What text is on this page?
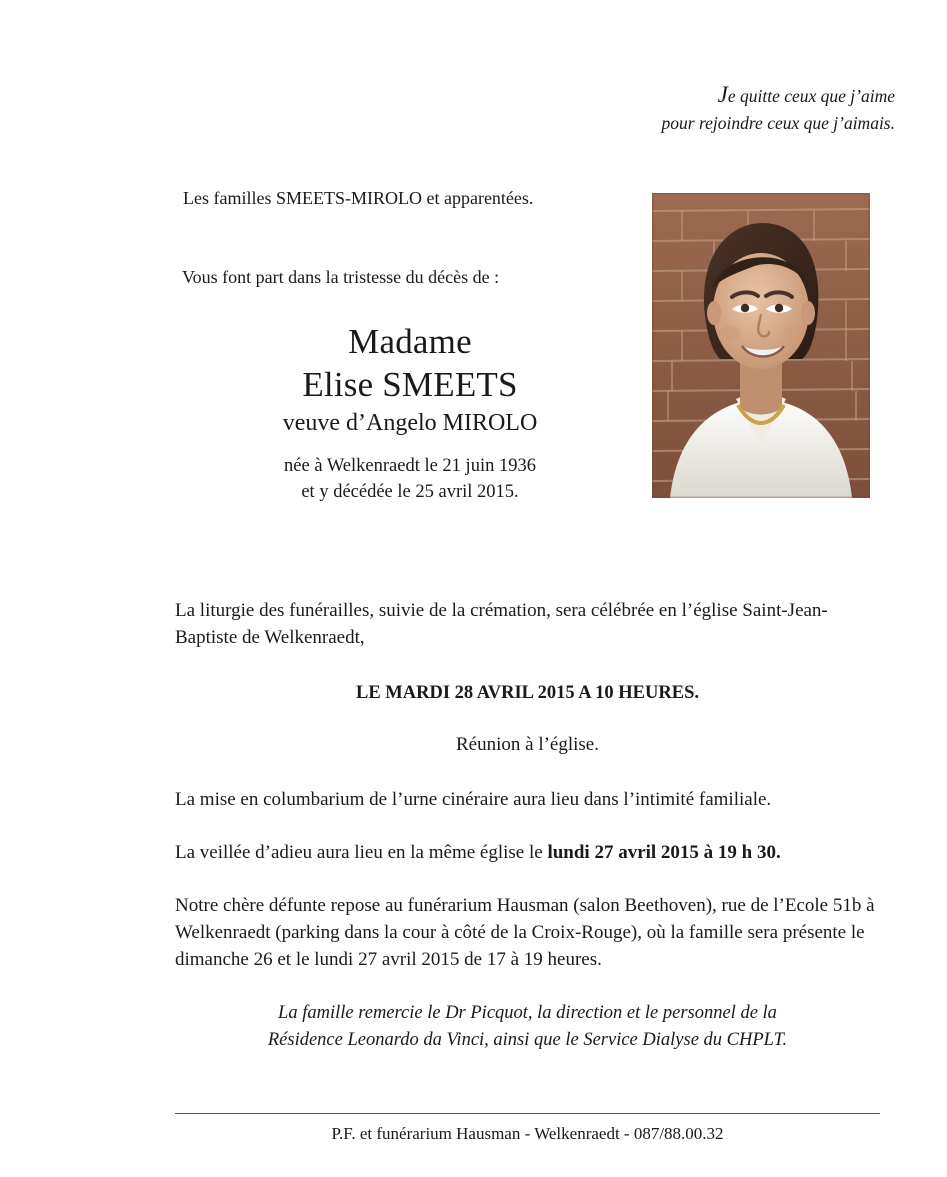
Je quitte ceux que j’aime
pour rejoindre ceux que j’aimais.

Les familles SMEETS-MIROLO et apparentées.

Vous font part dans la tristesse du décès de :

Madame
Elise SMEETS
veuve d’Angelo MIROLO
née à Welkenraedt le 21 juin 1936
et y décédée le 25 avril 2015.

La liturgie des funérailles, suivie de la crémation, sera célébrée en l’église Saint-Jean-Baptiste de Welkenraedt,

LE MARDI 28 AVRIL 2015 A 10 HEURES.

Réunion à l’église.

La mise en columbarium de l’urne cinéraire aura lieu dans l’intimité familiale.

La veillée d’adieu aura lieu en la même église le lundi 27 avril 2015 à 19 h 30.

Notre chère défunte repose au funérarium Hausman (salon Beethoven), rue de l’Ecole 51b à Welkenraedt (parking dans la cour à côté de la Croix-Rouge), où la famille sera présente le dimanche 26 et le lundi 27 avril 2015 de 17 à 19 heures.

La famille remercie le Dr Picquot, la direction et le personnel de la
Résidence Leonardo da Vinci, ainsi que le Service Dialyse du CHPLT.
P.F. et funérarium Hausman - Welkenraedt - 087/88.00.32
